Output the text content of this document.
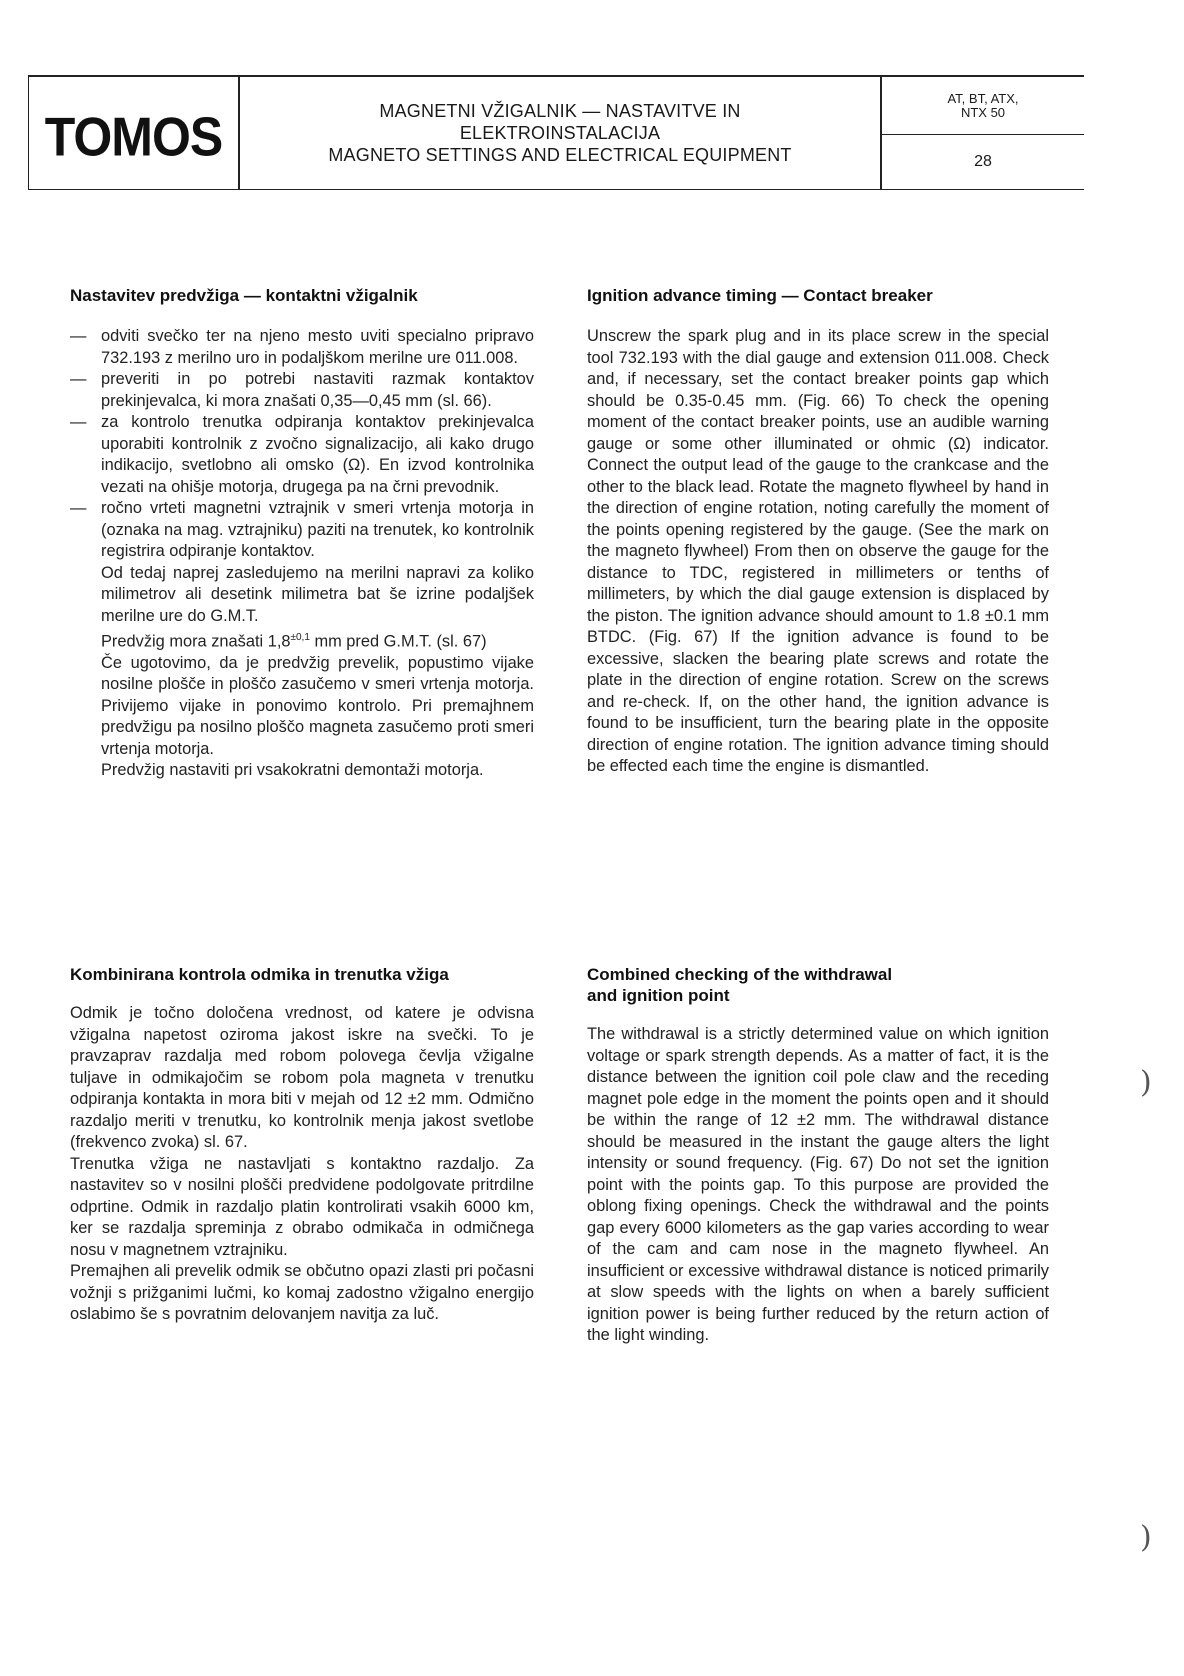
TOMOS	MAGNETNI VŽIGALNIK — NASTAVITVE IN
ELEKTROINSTALACIJA
MAGNETO SETTINGS AND ELECTRICAL EQUIPMENT
AT, BT, ATX,
NTX 50
28
Nastavitev predvžiga — kontaktni vžigalnik
— odviti svečko ter na njeno mesto uviti specialno pripravo 732.193 z merilno uro in podaljškom merilne ure 011.008.
— preveriti in po potrebi nastaviti razmak kontaktov prekinjevalca, ki mora znašati 0,35—0,45 mm (sl. 66).
— za kontrolo trenutka odpiranja kontaktov prekinjevalca uporabiti kontrolnik z zvočno signalizacijo, ali kako drugo indikacijo, svetlobno ali omsko (Ω). En izvod kontrolnika vezati na ohišje motorja, drugega pa na črni prevodnik.
— ročno vrteti magnetni vztrajnik v smeri vrtenja motorja in (oznaka na mag. vztrajniku) paziti na trenutek, ko kontrolnik registrira odpiranje kontaktov.
Od tedaj naprej zasledujemo na merilni napravi za koliko milimetrov ali desetink milimetra bat še izrine podaljšek merilne ure do G.M.T.
Predvžig mora znašati $1,8^{\pm 0,1}$ mm pred G.M.T. (sl. 67)
Če ugotovimo, da je predvžig prevelik, popustimo vijake nosilne plošče in ploščo zasučemo v smeri vrtenja motorja. Privijemo vijake in ponovimo kontrolo. Pri premajhnem predvžigu pa nosilno ploščo magneta zasučemo proti smeri vrtenja motorja.
Predvžig nastaviti pri vsakokratni demontaži motorja.
Kombinirana kontrola odmika in trenutka vžiga

Odmik je točno določena vrednost, od katere je odvisna vžigalna napetost oziroma jakost iskre na svečki. To je pravzaprav razdalja med robom polovega čevlja vžigalne tuljave in odmikajočim se robom pola magneta v trenutku odpiranja kontakta in mora biti v mejah od 12 ±2 mm. Odmično razdaljo meriti v trenutku, ko kontrolnik menja jakost svetlobe (frekvenco zvoka) sl. 67.

Trenutka vžiga ne nastavljati s kontaktno razdaljo. Za nastavitev so v nosilni plošči predvidene podolgovate pritrdilne odprtine. Odmik in razdaljo platin kontrolirati vsakih 6000 km, ker se razdalja spreminja z obrabo odmikača in odmičnega nosu v magnetnem vztrajniku.

Premajhen ali prevelik odmik se občutno opazi zlasti pri počasni vožnji s prižganimi lučmi, ko komaj zadostno vžigalno energijo oslabimo še s povratnim delovanjem navitja za luč.

Ignition advance timing — Contact breaker

Unscrew the spark plug and in its place screw in the special tool 732.193 with the dial gauge and extension 011.008. Check and, if necessary, set the contact breaker points gap which should be 0.35-0.45 mm. (Fig. 66) To check the opening moment of the contact breaker points, use an audible warning gauge or some other illuminated or ohmic (Ω) indicator. Connect the output lead of the gauge to the crankcase and the other to the black lead. Rotate the magneto flywheel by hand in the direction of engine rotation, noting carefully the moment of the points opening registered by the gauge. (See the mark on the magneto flywheel) From then on observe the gauge for the distance to TDC, registered in millimeters or tenths of millimeters, by which the dial gauge extension is displaced by the piston. The ignition advance should amount to 1.8 ±0.1 mm BTDC. (Fig. 67) If the ignition advance is found to be excessive, slacken the bearing plate screws and rotate the plate in the direction of engine rotation. Screw on the screws and re-check. If, on the other hand, the ignition advance is found to be insufficient, turn the bearing plate in the opposite direction of engine rotation. The ignition advance timing should be effected each time the engine is dismantled.

Combined checking of the withdrawal
and ignition point

The withdrawal is a strictly determined value on which ignition voltage or spark strength depends. As a matter of fact, it is the distance between the ignition coil pole claw and the receding magnet pole edge in the moment the points open and it should be within the range of 12 ±2 mm. The withdrawal distance should be measured in the instant the gauge alters the light intensity or sound frequency. (Fig. 67) Do not set the ignition point with the points gap. To this purpose are provided the oblong fixing openings. Check the withdrawal and the points gap every 6000 kilometers as the gap varies according to wear of the cam and cam nose in the magneto flywheel. An insufficient or excessive withdrawal distance is noticed primarily at slow speeds with the lights on when a barely sufficient ignition power is being further reduced by the return action of the light winding.

)
)
